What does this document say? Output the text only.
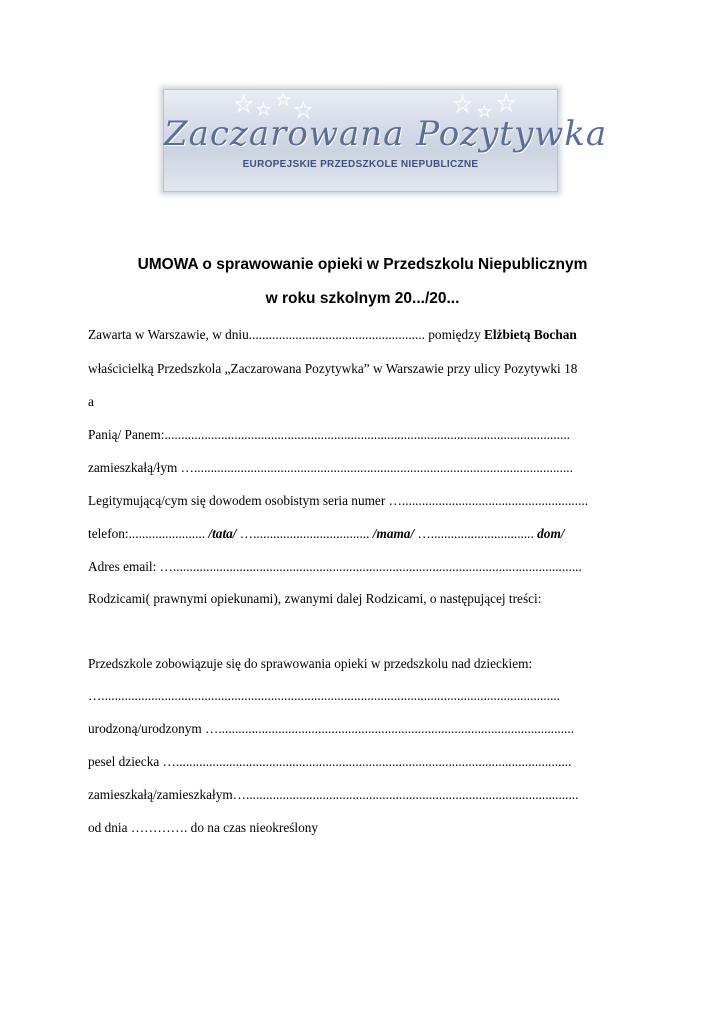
Zaczarowana Pozytywka
EUROPEJSKIE PRZEDSZKOLE NIEPUBLICZNE
UMOWA o sprawowanie opieki w Przedszkolu Niepublicznym
w roku szkolnym 20.../20...
Zawarta w Warszawie, w dniu..................................................... pomiędzy Elżbietą Bochan
właścicielką Przedszkola „Zaczarowana Pozytywka” w Warszawie przy ulicy Pozytywki 18
a
Panią/ Panem:..........................................................................................................................
zamieszkałą/łym …..................................................................................................................
Legitymującą/cym się dowodem osobistym seria numer …........................................................
telefon:....................... /tata/ …................................... /mama/ …............................... dom/
Adres email: …...........................................................................................................................
Rodzicami( prawnymi opiekunami), zwanymi dalej Rodzicami, o następującej treści:
Przedszkole zobowiązuje się do sprawowania opieki w przedszkolu nad dzieckiem:
…..........................................................................................................................................
urodzoną/urodzonym …...........................................................................................................
pesel dziecka ….......................................................................................................................
zamieszkałą/zamieszkałym…....................................................................................................
od dnia …………. do na czas nieokreślony
